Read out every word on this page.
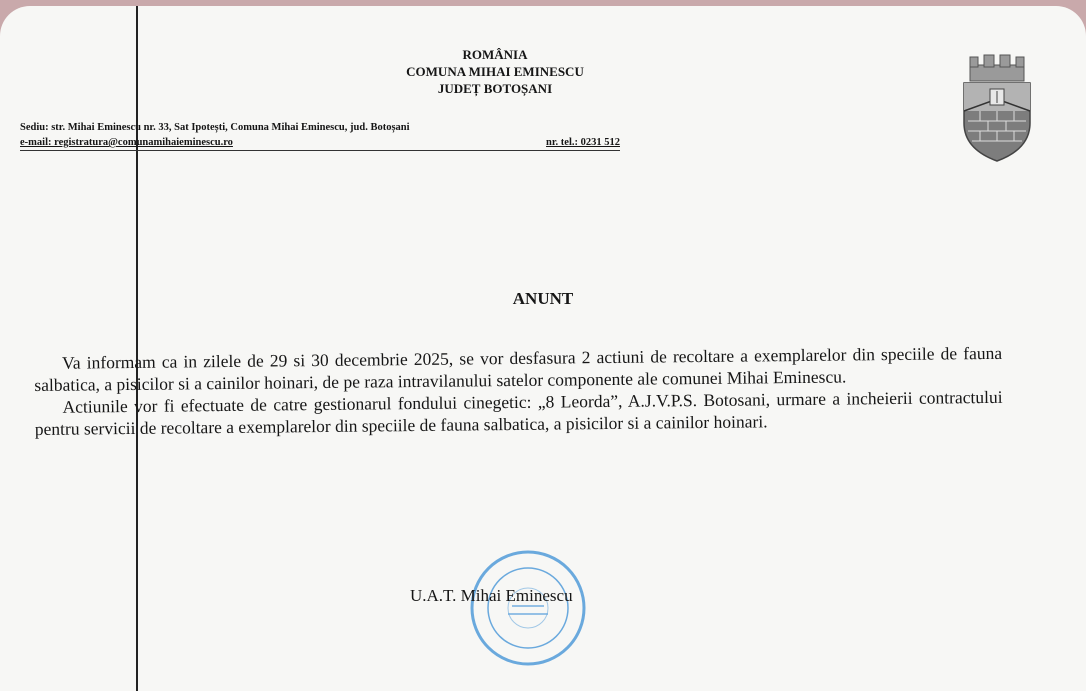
ROMÂNIA
COMUNA MIHAI EMINESCU
JUDEȚ BOTOȘANI
Sediu: str. Mihai Eminescu nr. 33, Sat Ipotești, Comuna Mihai Eminescu, jud. Botoșani
e-mail: registratura@comunamihaieminescu.ro	nr. tel.: 0231 512
ANUNT

Va informam ca in zilele de 29 si 30 decembrie 2025, se vor desfasura 2 actiuni de recoltare a exemplarelor din speciile de fauna salbatica, a pisicilor si a cainilor hoinari, de pe raza intravilanului satelor componente ale comunei Mihai Eminescu.

Actiunile vor fi efectuate de catre gestionarul fondului cinegetic: „8 Leorda”, A.J.V.P.S. Botosani, urmare a incheierii contractului pentru servicii de recoltare a exemplarelor din speciile de fauna salbatica, a pisicilor si a cainilor hoinari.

U.A.T. Mihai Eminescu
